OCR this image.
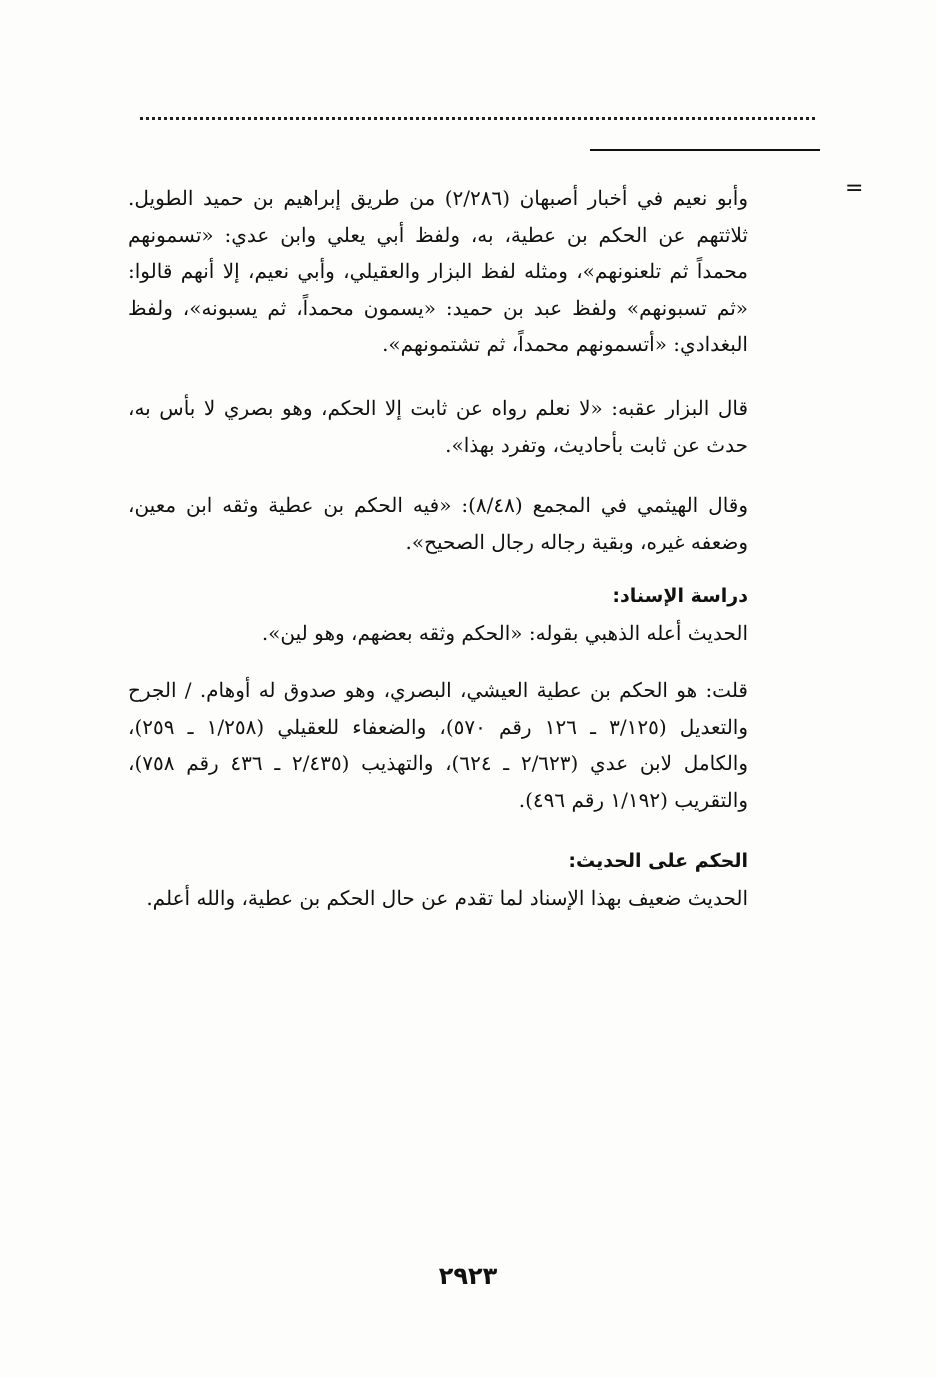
=

وأبو نعيم في أخبار أصبهان (٢/٢٨٦) من طريق إبراهيم بن حميد الطويل. ثلاثتهم عن الحكم بن عطية، به، ولفظ أبي يعلي وابن عدي: «تسمونهم محمداً ثم تلعنونهم»، ومثله لفظ البزار والعقيلي، وأبي نعيم، إلا أنهم قالوا: «ثم تسبونهم» ولفظ عبد بن حميد: «يسمون محمداً، ثم يسبونه»، ولفظ البغدادي: «أتسمونهم محمداً، ثم تشتمونهم».

قال البزار عقبه: «لا نعلم رواه عن ثابت إلا الحكم، وهو بصري لا بأس به، حدث عن ثابت بأحاديث، وتفرد بهذا».

وقال الهيثمي في المجمع (٨/٤٨): «فيه الحكم بن عطية وثقه ابن معين، وضعفه غيره، وبقية رجاله رجال الصحيح».

دراسة الإسناد:

الحديث أعله الذهبي بقوله: «الحكم وثقه بعضهم، وهو لين».

قلت: هو الحكم بن عطية العيشي، البصري، وهو صدوق له أوهام. / الجرح والتعديل (٣/١٢٥ ـ ١٢٦ رقم ٥٧٠)، والضعفاء للعقيلي (١/٢٥٨ ـ ٢٥٩)، والكامل لابن عدي (٢/٦٢٣ ـ ٦٢٤)، والتهذيب (٢/٤٣٥ ـ ٤٣٦ رقم ٧٥٨)، والتقريب (١/١٩٢ رقم ٤٩٦).

الحكم على الحديث:

الحديث ضعيف بهذا الإسناد لما تقدم عن حال الحكم بن عطية، والله أعلم.

٢٩٢٣
